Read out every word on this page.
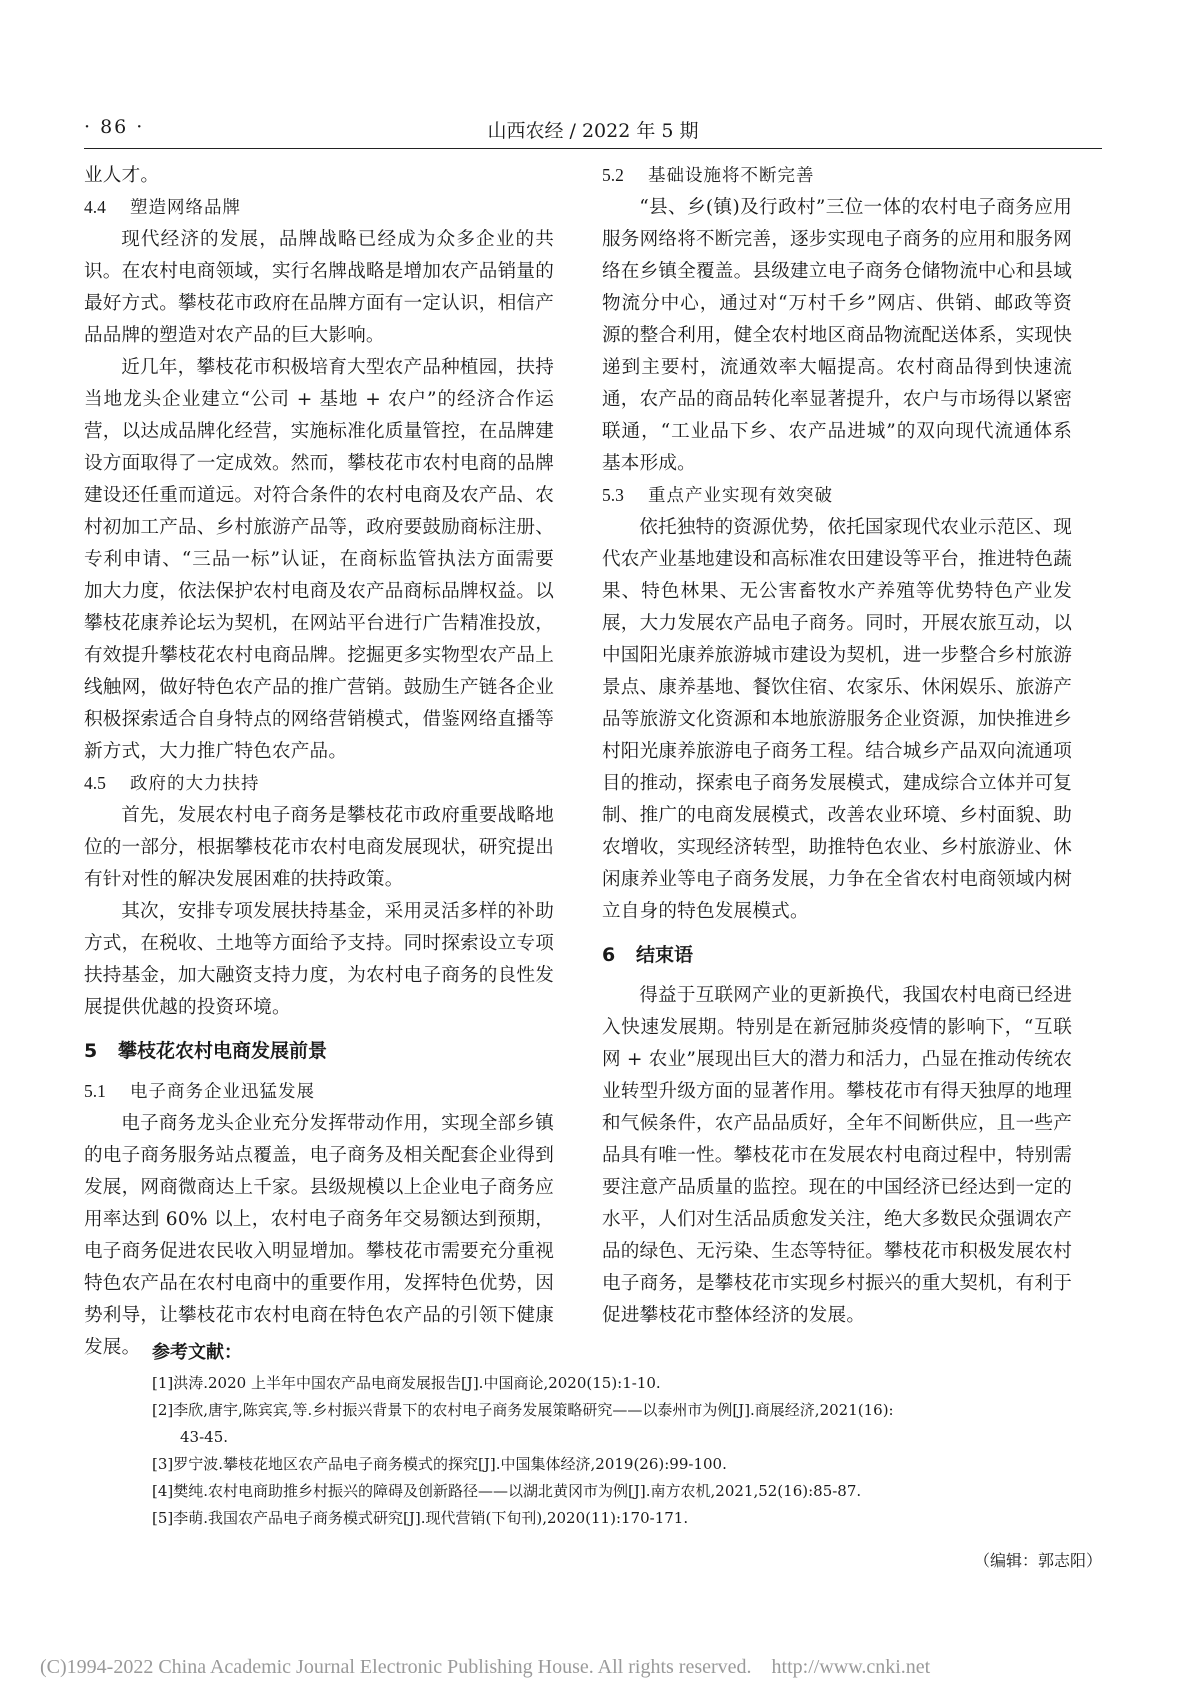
· 86 ·	山西农经 / 2022 年 5 期

业人才。

4.4 塑造网络品牌

现代经济的发展，品牌战略已经成为众多企业的共识。在农村电商领域，实行名牌战略是增加农产品销量的最好方式。攀枝花市政府在品牌方面有一定认识，相信产品品牌的塑造对农产品的巨大影响。

近几年，攀枝花市积极培育大型农产品种植园，扶持当地龙头企业建立“公司 + 基地 + 农户”的经济合作运营，以达成品牌化经营，实施标准化质量管控，在品牌建设方面取得了一定成效。然而，攀枝花市农村电商的品牌建设还任重而道远。对符合条件的农村电商及农产品、农村初加工产品、乡村旅游产品等，政府要鼓励商标注册、专利申请、“三品一标”认证，在商标监管执法方面需要加大力度，依法保护农村电商及农产品商标品牌权益。以攀枝花康养论坛为契机，在网站平台进行广告精准投放，有效提升攀枝花农村电商品牌。挖掘更多实物型农产品上线触网，做好特色农产品的推广营销。鼓励生产链各企业积极探索适合自身特点的网络营销模式，借鉴网络直播等新方式，大力推广特色农产品。

4.5 政府的大力扶持

首先，发展农村电子商务是攀枝花市政府重要战略地位的一部分，根据攀枝花市农村电商发展现状，研究提出有针对性的解决发展困难的扶持政策。

其次，安排专项发展扶持基金，采用灵活多样的补助方式，在税收、土地等方面给予支持。同时探索设立专项扶持基金，加大融资支持力度，为农村电子商务的良性发展提供优越的投资环境。

5 攀枝花农村电商发展前景
5.1 电子商务企业迅猛发展

电子商务龙头企业充分发挥带动作用，实现全部乡镇的电子商务服务站点覆盖，电子商务及相关配套企业得到发展，网商微商达上千家。县级规模以上企业电子商务应用率达到 60% 以上，农村电子商务年交易额达到预期，电子商务促进农民收入明显增加。攀枝花市需要充分重视特色农产品在农村电商中的重要作用，发挥特色优势，因势利导，让攀枝花市农村电商在特色农产品的引领下健康发展。

5.2 基础设施将不断完善

“县、乡(镇)及行政村”三位一体的农村电子商务应用服务网络将不断完善，逐步实现电子商务的应用和服务网络在乡镇全覆盖。县级建立电子商务仓储物流中心和县域物流分中心，通过对“万村千乡”网店、供销、邮政等资源的整合利用，健全农村地区商品物流配送体系，实现快递到主要村，流通效率大幅提高。农村商品得到快速流通，农产品的商品转化率显著提升，农户与市场得以紧密联通，“工业品下乡、农产品进城”的双向现代流通体系基本形成。

5.3 重点产业实现有效突破

依托独特的资源优势，依托国家现代农业示范区、现代农产业基地建设和高标准农田建设等平台，推进特色蔬果、特色林果、无公害畜牧水产养殖等优势特色产业发展，大力发展农产品电子商务。同时，开展农旅互动，以中国阳光康养旅游城市建设为契机，进一步整合乡村旅游景点、康养基地、餐饮住宿、农家乐、休闲娱乐、旅游产品等旅游文化资源和本地旅游服务企业资源，加快推进乡村阳光康养旅游电子商务工程。结合城乡产品双向流通项目的推动，探索电子商务发展模式，建成综合立体并可复制、推广的电商发展模式，改善农业环境、乡村面貌、助农增收，实现经济转型，助推特色农业、乡村旅游业、休闲康养业等电子商务发展，力争在全省农村电商领域内树立自身的特色发展模式。

6 结束语

得益于互联网产业的更新换代，我国农村电商已经进入快速发展期。特别是在新冠肺炎疫情的影响下，“互联网 + 农业”展现出巨大的潜力和活力，凸显在推动传统农业转型升级方面的显著作用。攀枝花市有得天独厚的地理和气候条件，农产品品质好，全年不间断供应，且一些产品具有唯一性。攀枝花市在发展农村电商过程中，特别需要注意产品质量的监控。现在的中国经济已经达到一定的水平，人们对生活品质愈发关注，绝大多数民众强调农产品的绿色、无污染、生态等特征。攀枝花市积极发展农村电子商务，是攀枝花市实现乡村振兴的重大契机，有利于促进攀枝花市整体经济的发展。

参考文献：

[1]洪涛.2020 上半年中国农产品电商发展报告[J].中国商论,2020(15):1-10.

[2]李欣,唐宇,陈宾宾,等.乡村振兴背景下的农村电子商务发展策略研究——以泰州市为例[J].商展经济,2021(16):

43-45.

[3]罗宁波.攀枝花地区农产品电子商务模式的探究[J].中国集体经济,2019(26):99-100.

[4]樊纯.农村电商助推乡村振兴的障碍及创新路径——以湖北黄冈市为例[J].南方农机,2021,52(16):85-87.

[5]李萌.我国农产品电子商务模式研究[J].现代营销(下旬刊),2020(11):170-171.

（编辑：郭志阳）
(C)1994-2022 China Academic Journal Electronic Publishing House. All rights reserved.    http://www.cnki.net
